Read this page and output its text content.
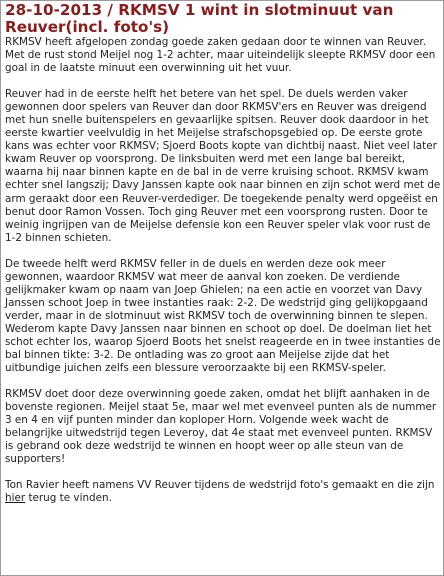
28-10-2013 / RKMSV 1 wint in slotminuut van
Reuver(incl. foto's)

RKMSV heeft afgelopen zondag goede zaken gedaan door te winnen van Reuver. Met de rust stond Meijel nog 1-2 achter, maar uiteindelijk sleepte RKMSV door een goal in de laatste minuut een overwinning uit het vuur.

Reuver had in de eerste helft het betere van het spel. De duels werden vaker gewonnen door spelers van Reuver dan door RKMSV'ers en Reuver was dreigend met hun snelle buitenspelers en gevaarlijke spitsen. Reuver dook daardoor in het eerste kwartier veelvuldig in het Meijelse strafschopsgebied op. De eerste grote kans was echter voor RKMSV; Sjoerd Boots kopte van dichtbij naast. Niet veel later kwam Reuver op voorsprong. De linksbuiten werd met een lange bal bereikt, waarna hij naar binnen kapte en de bal in de verre kruising schoot. RKMSV kwam echter snel langszij; Davy Janssen kapte ook naar binnen en zijn schot werd met de arm geraakt door een Reuver-verdediger. De toegekende penalty werd opgeëist en benut door Ramon Vossen. Toch ging Reuver met een voorsprong rusten. Door te weinig ingrijpen van de Meijelse defensie kon een Reuver speler vlak voor rust de 1-2 binnen schieten.

De tweede helft werd RKMSV feller in de duels en werden deze ook meer gewonnen, waardoor RKMSV wat meer de aanval kon zoeken. De verdiende gelijkmaker kwam op naam van Joep Ghielen; na een actie en voorzet van Davy Janssen schoot Joep in twee instanties raak: 2-2. De wedstrijd ging gelijkopgaand verder, maar in de slotminuut wist RKMSV toch de overwinning binnen te slepen. Wederom kapte Davy Janssen naar binnen en schoot op doel. De doelman liet het schot echter los, waarop Sjoerd Boots het snelst reageerde en in twee instanties de bal binnen tikte: 3-2. De ontlading was zo groot aan Meijelse zijde dat het uitbundige juichen zelfs een blessure veroorzaakte bij een RKMSV-speler.

RKMSV doet door deze overwinning goede zaken, omdat het blijft aanhaken in de bovenste regionen. Meijel staat 5e, maar wel met evenveel punten als de nummer 3 en 4 en vijf punten minder dan koploper Horn. Volgende week wacht de belangrijke uitwedstrijd tegen Leveroy, dat 4e staat met evenveel punten. RKMSV is gebrand ook deze wedstrijd te winnen en hoopt weer op alle steun van de supporters!

Ton Ravier heeft namens VV Reuver tijdens de wedstrijd foto's gemaakt en die zijn hier terug te vinden.
